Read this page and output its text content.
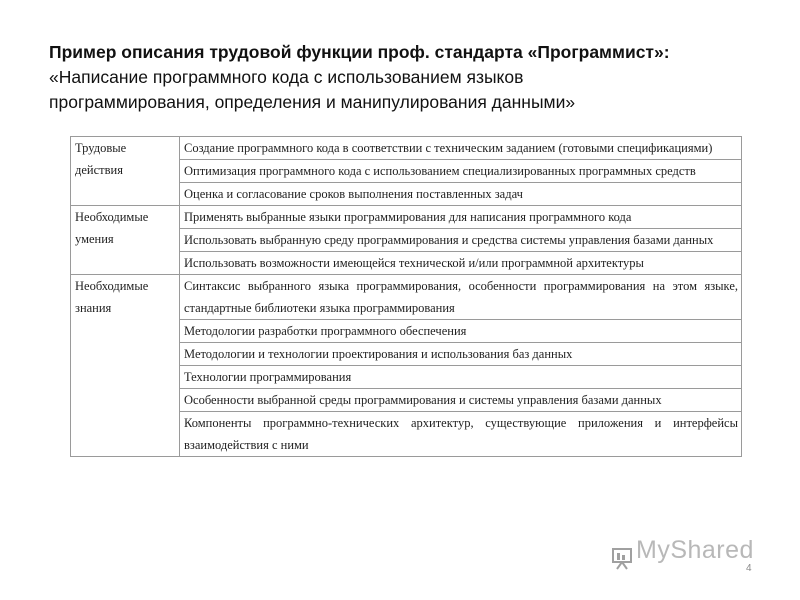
Пример описания трудовой функции проф. стандарта «Программист»:
«Написание программного кода с использованием языков
программирования, определения и манипулирования данными»
Трудовые действия	Создание программного кода в соответствии с техническим заданием (готовыми спецификациями)
	Оптимизация программного кода с использованием специализированных программных средств
	Оценка и согласование сроков выполнения поставленных задач
Необходимые умения	Применять выбранные языки программирования для написания программного кода
	Использовать выбранную среду программирования и средства системы управления базами данных
	Использовать возможности имеющейся технической и/или программной архитектуры
Необходимые знания	Синтаксис выбранного языка программирования, особенности программирования на этом языке, стандартные библиотеки языка программирования
	Методологии разработки программного обеспечения
	Методологии и технологии проектирования и использования баз данных
	Технологии программирования
	Особенности выбранной среды программирования и системы управления базами данных
	Компоненты программно-технических архитектур, существующие приложения и интерфейсы взаимодействия с ними
MyShared
4
